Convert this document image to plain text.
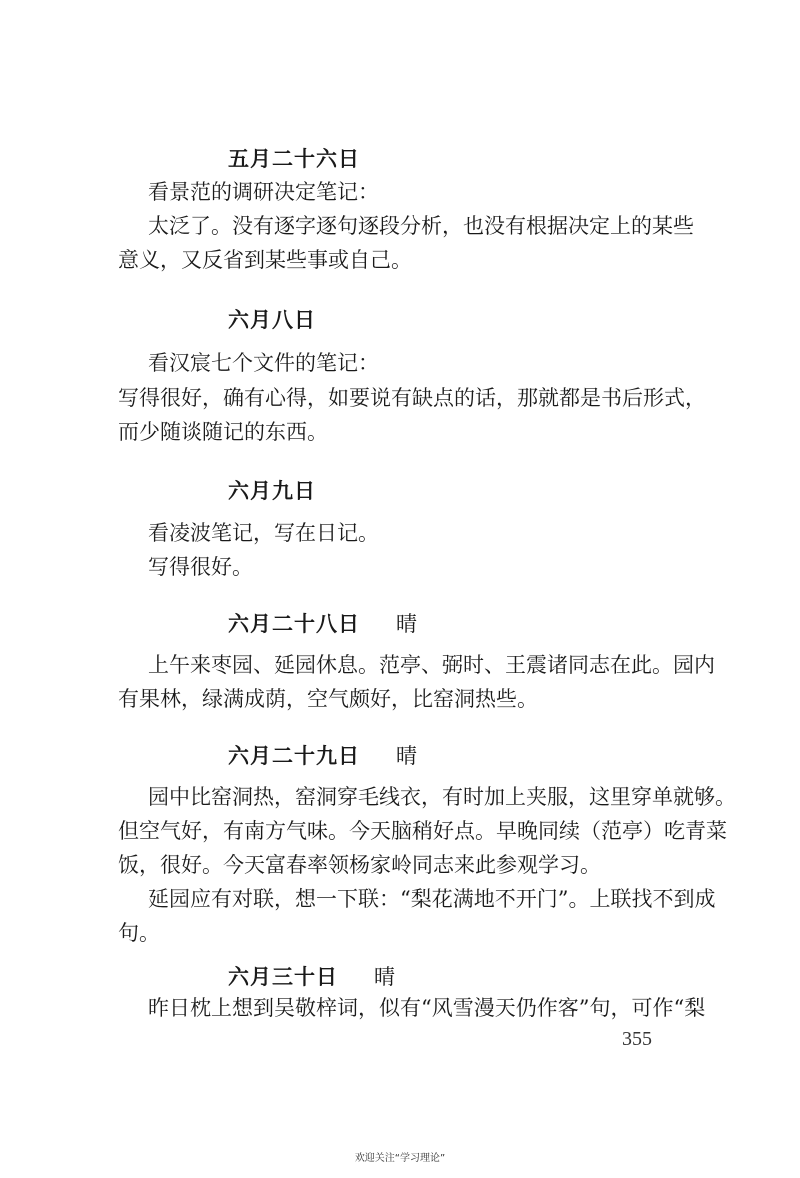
五月二十六日
看景范的调研决定笔记：
太泛了。没有逐字逐句逐段分析，也没有根据决定上的某些
意义，又反省到某些事或自己。
六月八日
看汉宸七个文件的笔记：
写得很好，确有心得，如要说有缺点的话，那就都是书后形式，
而少随谈随记的东西。
六月九日
看凌波笔记，写在日记。
写得很好。
六月二十八日 晴
上午来枣园、延园休息。范亭、弼时、王震诸同志在此。园内
有果林，绿满成荫，空气颇好，比窑洞热些。
六月二十九日 晴
园中比窑洞热，窑洞穿毛线衣，有时加上夹服，这里穿单就够。
但空气好，有南方气味。今天脑稍好点。早晚同续（范亭）吃青菜
饭，很好。今天富春率领杨家岭同志来此参观学习。
延园应有对联，想一下联：“梨花满地不开门”。上联找不到成
句。
六月三十日 晴
昨日枕上想到吴敬梓词，似有“风雪漫天仍作客”句，可作“梨
355
欢迎关注“学习理论”
